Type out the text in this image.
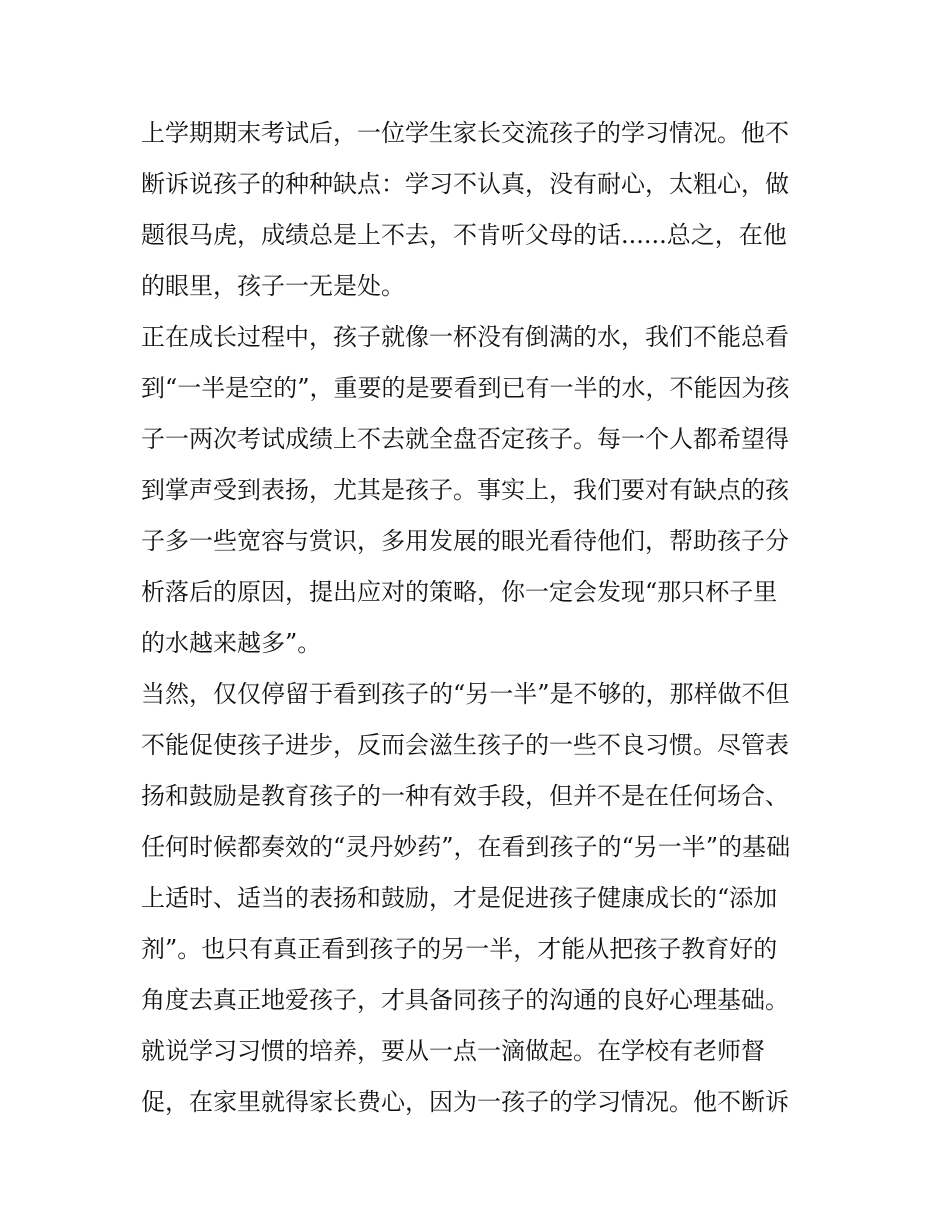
上学期期末考试后，一位学生家长交流孩子的学习情况。他不
断诉说孩子的种种缺点：学习不认真，没有耐心，太粗心，做
题很马虎，成绩总是上不去，不肯听父母的话......总之，在他
的眼里，孩子一无是处。
正在成长过程中，孩子就像一杯没有倒满的水，我们不能总看
到“一半是空的”，重要的是要看到已有一半的水，不能因为孩
子一两次考试成绩上不去就全盘否定孩子。每一个人都希望得
到掌声受到表扬，尤其是孩子。事实上，我们要对有缺点的孩
子多一些宽容与赏识，多用发展的眼光看待他们，帮助孩子分
析落后的原因，提出应对的策略，你一定会发现“那只杯子里
的水越来越多”。
当然，仅仅停留于看到孩子的“另一半”是不够的，那样做不但
不能促使孩子进步，反而会滋生孩子的一些不良习惯。尽管表
扬和鼓励是教育孩子的一种有效手段，但并不是在任何场合、
任何时候都奏效的“灵丹妙药”，在看到孩子的“另一半”的基础
上适时、适当的表扬和鼓励，才是促进孩子健康成长的“添加
剂”。也只有真正看到孩子的另一半，才能从把孩子教育好的
角度去真正地爱孩子，才具备同孩子的沟通的良好心理基础。
就说学习习惯的培养，要从一点一滴做起。在学校有老师督
促，在家里就得家长费心，因为一孩子的学习情况。他不断诉
